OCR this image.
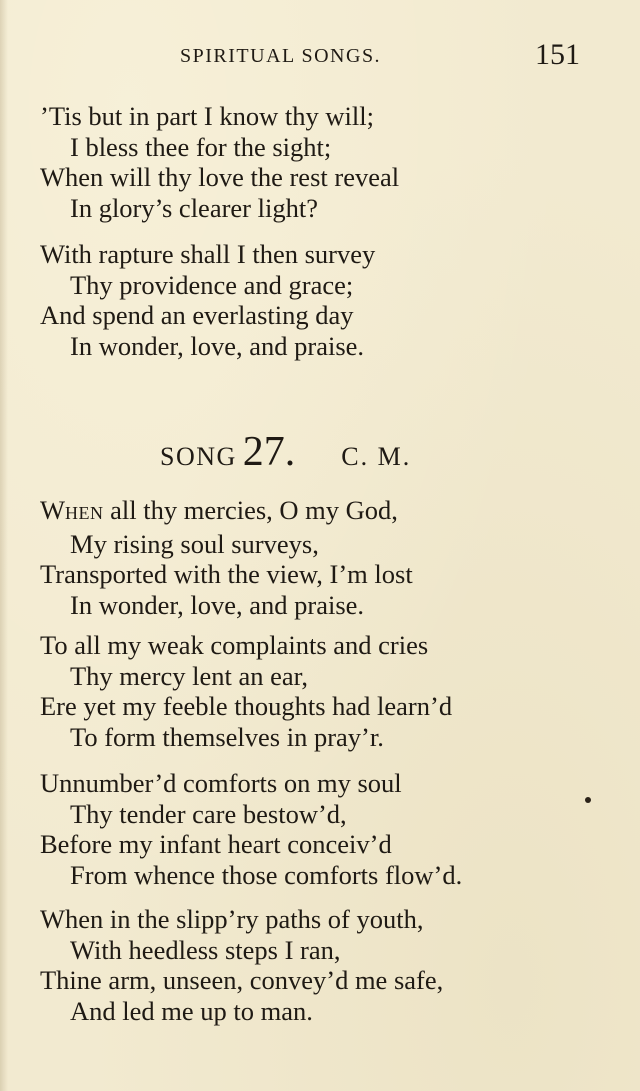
SPIRITUAL SONGS.	151
’Tis but in part I know thy will;
I bless thee for the sight;
When will thy love the rest reveal
In glory’s clearer light?
With rapture shall I then survey
Thy providence and grace;
And spend an everlasting day
In wonder, love, and praise.
SONG 27. C. M.
WHEN all thy mercies, O my God,
My rising soul surveys,
Transported with the view, I’m lost
In wonder, love, and praise.
To all my weak complaints and cries
Thy mercy lent an ear,
Ere yet my feeble thoughts had learn’d
To form themselves in pray’r.
Unnumber’d comforts on my soul
Thy tender care bestow’d,
Before my infant heart conceiv’d
From whence those comforts flow’d.
When in the slipp’ry paths of youth,
With heedless steps I ran,
Thine arm, unseen, convey’d me safe,
And led me up to man.
